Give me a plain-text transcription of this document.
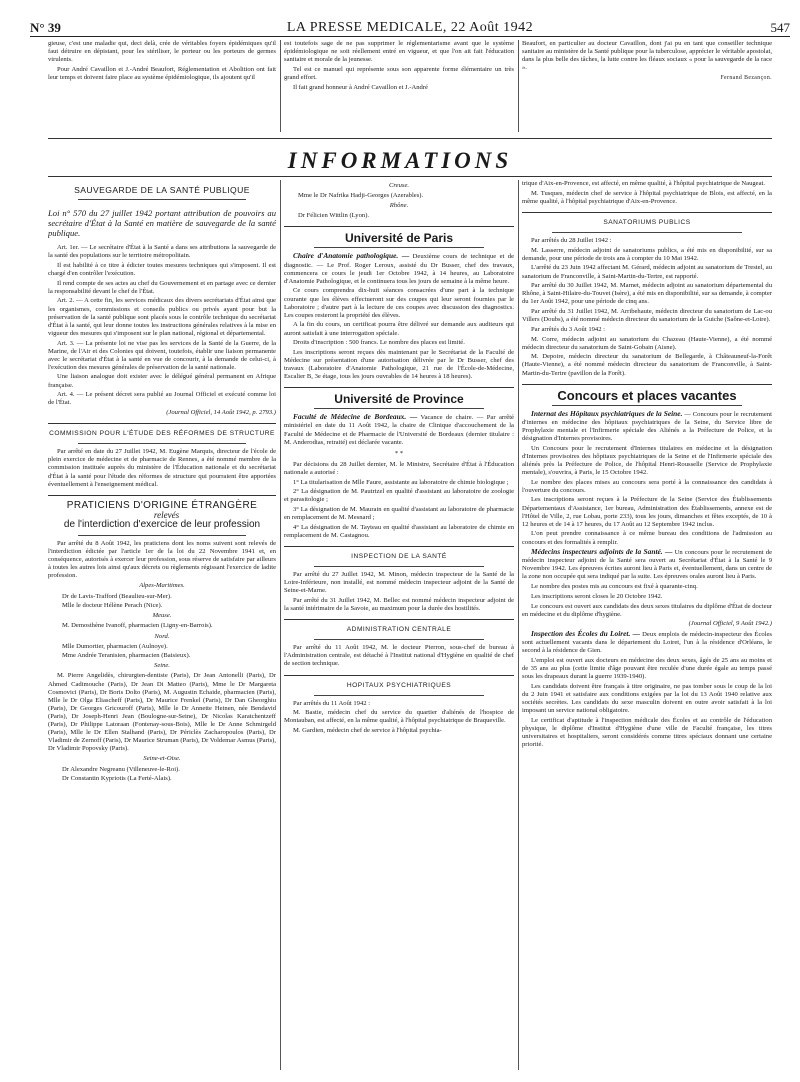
N° 39	LA PRESSE MEDICALE, 22 Août 1942	547

gieuse, c'est une maladie qui, deci delà, crée de véritables foyers épidémiques qu'il faut détruire en dépistant, pour les stériliser, le porteur ou les porteurs de germes virulents.

Pour André Cavaillon et J.-André Beaufort, Réglementation et Abolition ont fait leur temps et doivent faire place au système épidémiologique, ils ajoutent qu'il

est toutefois sage de ne pas supprimer le réglementarisme avant que le système épidémiologique ne soit réellement entré en vigueur, et que l'on ait fait l'éducation sanitaire et morale de la jeunesse.

Tel est ce manuel qui représente sous son apparente forme élémentaire un très grand effort.

Il fait grand honneur à André Cavaillon et J.-André

Beaufort, en particulier au docteur Cavaillon, dont j'ai pu en tant que conseiller technique sanitaire au ministère de la Santé publique pour la tuberculose, apprécier le véritable apostolat, dans la plus belle des tâches, la lutte contre les fléaux sociaux « pour la sauvegarde de la race ».

Fernand Bezançon.

INFORMATIONS
SAUVEGARDE DE LA SANTÉ PUBLIQUE

Loi n° 570 du 27 juillet 1942 portant attribution de pouvoirs au secrétaire d'État à la Santé en matière de sauvegarde de la santé publique.

Art. 1er. — Le secrétaire d'État à la Santé a dans ses attributions la sauvegarde de la santé des populations sur le territoire métropolitain.

Il est habilité à ce titre à édicter toutes mesures techniques qui s'imposent. Il est chargé d'en contrôler l'exécution.

Il rend compte de ses actes au chef du Gouvernement et en partage avec ce dernier la responsabilité devant le chef de l'État.

Art. 2. — A cette fin, les services médicaux des divers secrétariats d'État ainsi que les organismes, commissions et conseils publics ou privés ayant pour but la préservation de la santé publique sont placés sous le contrôle technique du secrétariat d'État à la santé, qui leur donne toutes les instructions générales relatives à la mise en vigueur des mesures qui s'imposent sur le plan national, régional et départemental.

Art. 3. — La présente loi ne vise pas les services de la Santé de la Guerre, de la Marine, de l'Air et des Colonies qui doivent, toutefois, établir une liaison permanente avec le secrétariat d'État à la santé en vue de concourir, à la demande de celui-ci, à l'exécution des mesures générales de préservation de la santé nationale.

Une liaison analogue doit exister avec le délégué général permanent en Afrique française.

Art. 4. — Le présent décret sera publié au Journal Officiel et exécuté comme loi de l'État.

(Journal Officiel, 14 Août 1942, p. 2793.)

COMMISSION POUR L'ÉTUDE DES RÉFORMES DE STRUCTURE

Par arrêté en date du 27 Juillet 1942, M. Eugène Marquis, directeur de l'école de plein exercice de médecine et de pharmacie de Rennes, a été nommé membre de la commission instituée auprès du ministère de l'Éducation nationale et du secrétariat d'État à la santé pour l'étude des réformes de structure qui pourraient être apportées éventuellement à l'enseignement médical.

PRATICIENS D'ORIGINE ÉTRANGÈRE

relevés

de l'interdiction d'exercice de leur profession

Par arrêté du 8 Août 1942, les praticiens dont les noms suivent sont relevés de l'interdiction édictée par l'article 1er de la loi du 22 Novembre 1941 et, en conséquence, autorisés à exercer leur profession, sous réserve de satisfaire par ailleurs à toutes les autres lois ainsi qu'aux décrets ou règlements régissant l'exercice de ladite profession.

Alpes-Maritimes.

Dr de Lavis-Trafford (Beaulieu-sur-Mer).

Mlle le docteur Hélène Perach (Nice).

Meuse.

M. Demosthène Ivanoff, pharmacien (Ligny-en-Barrois).

Nord.

Mlle Dumortier, pharmacien (Aulnoye).

Mme Andrée Teranisien, pharmacien (Baisieux).

Seine.

M. Pierre Angelidès, chirurgien-dentiste (Paris), Dr Jean Antonelli (Paris), Dr Ahmed Cadimouche (Paris), Dr Jean Di Matteo (Paris), Mme le Dr Margareta Cosmovici (Paris), Dr Boris Dolto (Paris), M. Augustin Echaide, pharmacien (Paris), Mlle le Dr Olga Eliascheff (Paris), Dr Maurice Frenkel (Paris), Dr Dan Gheorghiu (Paris), Dr Georges Gricouroff (Paris), Mlle le Dr Annette Heinen, née Bendavid (Paris), Dr Joseph-Henri Jean (Boulogne-sur-Seine), Dr Nicolas Karatchentzeff (Paris), Dr Philippe Latoraan (Fontenay-sous-Bois), Mlle le Dr Anne Schmirgeld (Paris), Mlle le Dr Ellen Stalhand (Paris), Dr Périclès Zacharopoulos (Paris), Dr Vladimir de Zernoff (Paris), Dr Maurice Struman (Paris), Dr Voldemar Asmus (Paris), Dr Vladimir Popovsky (Paris).

Seine-et-Oise.

Dr Alexandre Negreanu (Villeneuve-le-Roi).

Dr Constantin Kypriotis (La Ferté-Alais).

Creuse.

Mme le Dr Nafrika Hadji-Georges (Azerables).

Rhône.

Dr Félicien Wittlin (Lyon).

Université de Paris

Chaire d'Anatomie pathologique. — Deuxième cours de technique et de diagnostic. — Le Prof. Roger Leroux, assisté du Dr Busser, chef des travaux, commencera ce cours le jeudi 1er Octobre 1942, à 14 heures, au Laboratoire d'Anatomie Pathologique, et le continuera tous les jours de semaine à la même heure.

Ce cours comprendra dix-huit séances consacrées d'une part à la technique courante que les élèves effectueront sur des coupes qui leur seront fournies par le Laboratoire ; d'autre part à la lecture de ces coupes avec discussion des diagnostics. Les coupes resteront la propriété des élèves.

A la fin du cours, un certificat pourra être délivré sur demande aux auditeurs qui auront satisfait à une interrogation spéciale.

Droits d'inscription : 500 francs. Le nombre des places est limité.

Les inscriptions seront reçues dès maintenant par le Secrétariat de la Faculté de Médecine sur présentation d'une autorisation délivrée par le Dr Busser, chef des travaux (Laboratoire d'Anatomie Pathologique, 21 rue de l'École-de-Médecine, Escalier B, 3e étage, tous les jours ouvrables de 14 heures à 18 heures).

Université de Province

Faculté de Médecine de Bordeaux. — Vacance de chaire. — Par arrêté ministériel en date du 11 Août 1942, la chaire de Clinique d'accouchement de la Faculté de Médecine et de Pharmacie de l'Université de Bordeaux (dernier titulaire : M. Anderodias, retraité) est déclarée vacante.

* *

Par décisions du 28 Juillet dernier, M. le Ministre, Secrétaire d'État à l'Éducation nationale a autorisé :

1° La titularisation de Mlle Faure, assistante au laboratoire de chimie biologique ;

2° La désignation de M. Pautrizel en qualité d'assistant au laboratoire de zoologie et parasitologie ;

3° La désignation de M. Maurain en qualité d'assistant au laboratoire de pharmacie en remplacement de M. Mesnard ;

4° La désignation de M. Tayteau en qualité d'assistant au laboratoire de chimie en remplacement de M. Castagnou.

INSPECTION DE LA SANTÉ

Par arrêté du 27 Juillet 1942, M. Minon, médecin inspecteur de la Santé de la Loire-Inférieure, non installé, est nommé médecin inspecteur adjoint de la Santé de Seine-et-Marne.

Par arrêté du 31 Juillet 1942, M. Bellec est nommé médecin inspecteur adjoint de la santé intérimaire de la Savoie, au maximum pour la durée des hostilités.

ADMINISTRATION CENTRALE

Par arrêté du 11 Août 1942, M. le docteur Pierron, sous-chef de bureau à l'Administration centrale, est détaché à l'Institut national d'Hygiène en qualité de chef de section technique.

HOPITAUX PSYCHIATRIQUES

Par arrêtés du 11 Août 1942 :

M. Bastie, médecin chef du service du quartier d'aliénés de l'hospice de Montauban, est affecté, en la même qualité, à l'hôpital psychiatrique de Braqueville.

M. Gardien, médecin chef de service à l'hôpital psychia-

trique d'Aix-en-Provence, est affecté, en même qualité, à l'hôpital psychiatrique de Naugeat.

M. Tusques, médecin chef de service à l'hôpital psychiatrique de Blois, est affecté, en la même qualité, à l'hôpital psychiatrique d'Aix-en-Provence.

SANATORIUMS PUBLICS

Par arrêtés du 28 Juillet 1942 :

M. Lasserre, médecin adjoint de sanatoriums publics, a été mis en disponibilité, sur sa demande, pour une période de trois ans à compter du 10 Mai 1942.

L'arrêté du 23 Juin 1942 affectant M. Gérard, médecin adjoint au sanatorium de Trestel, au sanatorium de Franconville, à Saint-Martin-du-Tertre, est rapporté.

Par arrêté du 30 Juillet 1942, M. Marnet, médecin adjoint au sanatorium départemental du Rhône, à Saint-Hilaire-du-Touvet (Isère), a été mis en disponibilité, sur sa demande, à compter du 1er Août 1942, pour une période de cinq ans.

Par arrêté du 31 Juillet 1942, M. Arribehaute, médecin directeur du sanatorium de Lac-ou Villers (Doubs), a été nommé médecin directeur du sanatorium de la Guiche (Saône-et-Loire).

Par arrêtés du 3 Août 1942 :

M. Corre, médecin adjoint au sanatorium du Chazeau (Haute-Vienne), a été nommé médecin directeur du sanatorium de Saint-Gobain (Aisne).

M. Depoire, médecin directeur du sanatorium de Bellegarde, à Châteauneuf-la-Forêt (Haute-Vienne), a été nommé médecin directeur du sanatorium de Franconville, à Saint-Martin-du-Tertre (pavillon de la Forêt).

Concours et places vacantes

Internat des Hôpitaux psychiatriques de la Seine. — Concours pour le recrutement d'internes en médecine des hôpitaux psychiatriques de la Seine, du Service libre de Prophylaxie mentale et l'Infirmerie spéciale des Aliénés a la Préfecture de Police, et la désignation d'Internes provisoires.

Un Concours pour le recrutement d'Internes titulaires en médecine et la désignation d'Internes provisoires des hôpitaux psychiatriques de la Seine et de l'Infirmerie spéciale des aliénés près la Préfecture de Police, de l'hôpital Henri-Rousselle (Service de Prophylaxie mentale), s'ouvrira, à Paris, le 15 Octobre 1942.

Le nombre des places mises au concours sera porté à la connaissance des candidats à l'ouverture du concours.

Les inscriptions seront reçues à la Préfecture de la Seine (Service des Établissements Départementaux d'Assistance, 1er bureau, Administration des Établissements, annexe est de l'Hôtel de Ville, 2, rue Lobau, porte 233), tous les jours, dimanches et fêtes exceptés, de 10 à 12 heures et de 14 à 17 heures, du 17 Août au 12 Septembre 1942 inclus.

L'on peut prendre connaissance à ce même bureau des conditions de l'admission au concours et des formalités à remplir.

Médecins inspecteurs adjoints de la Santé. — Un concours pour le recrutement de médecin inspecteur adjoint de la Santé sera ouvert au Secrétariat d'État à la Santé le 9 Novembre 1942. Les épreuves écrites auront lieu à Paris et, éventuellement, dans un centre de la zone non occupée qui sera indiqué par la suite. Les épreuves orales auront lieu à Paris.

Le nombre des postes mis au concours est fixé à quarante-cinq.

Les inscriptions seront closes le 20 Octobre 1942.

Le concours est ouvert aux candidats des deux sexes titulaires du diplôme d'État de docteur en médecine et du diplôme d'hygiène.

(Journal Officiel, 9 Août 1942.)

Inspection des Écoles du Loiret. — Deux emplois de médecin-inspecteur des Écoles sont actuellement vacants dans le département du Loiret, l'un à la résidence d'Orléans, le second à la résidence de Gien.

L'emploi est ouvert aux docteurs en médecine des deux sexes, âgés de 25 ans au moins et de 35 ans au plus (cette limite d'âge pouvant être reculée d'une durée égale au temps passé sous les drapeaux durant la guerre 1939-1940).

Les candidats doivent être français à titre originaire, ne pas tomber sous le coup de la loi du 2 Juin 1941 et satisfaire aux conditions exigées par la loi du 13 Août 1940 relative aux sociétés secrètes. Les candidats du sexe masculin doivent en outre avoir satisfait à la loi imposant un service national obligatoire.

Le certificat d'aptitude à l'inspection médicale des Écoles et au contrôle de l'éducation physique, le diplôme d'Institut d'Hygiène d'une ville de Faculté française, les titres universitaires et hospitaliers, seront considérés comme titres spéciaux donnant une certaine priorité.
